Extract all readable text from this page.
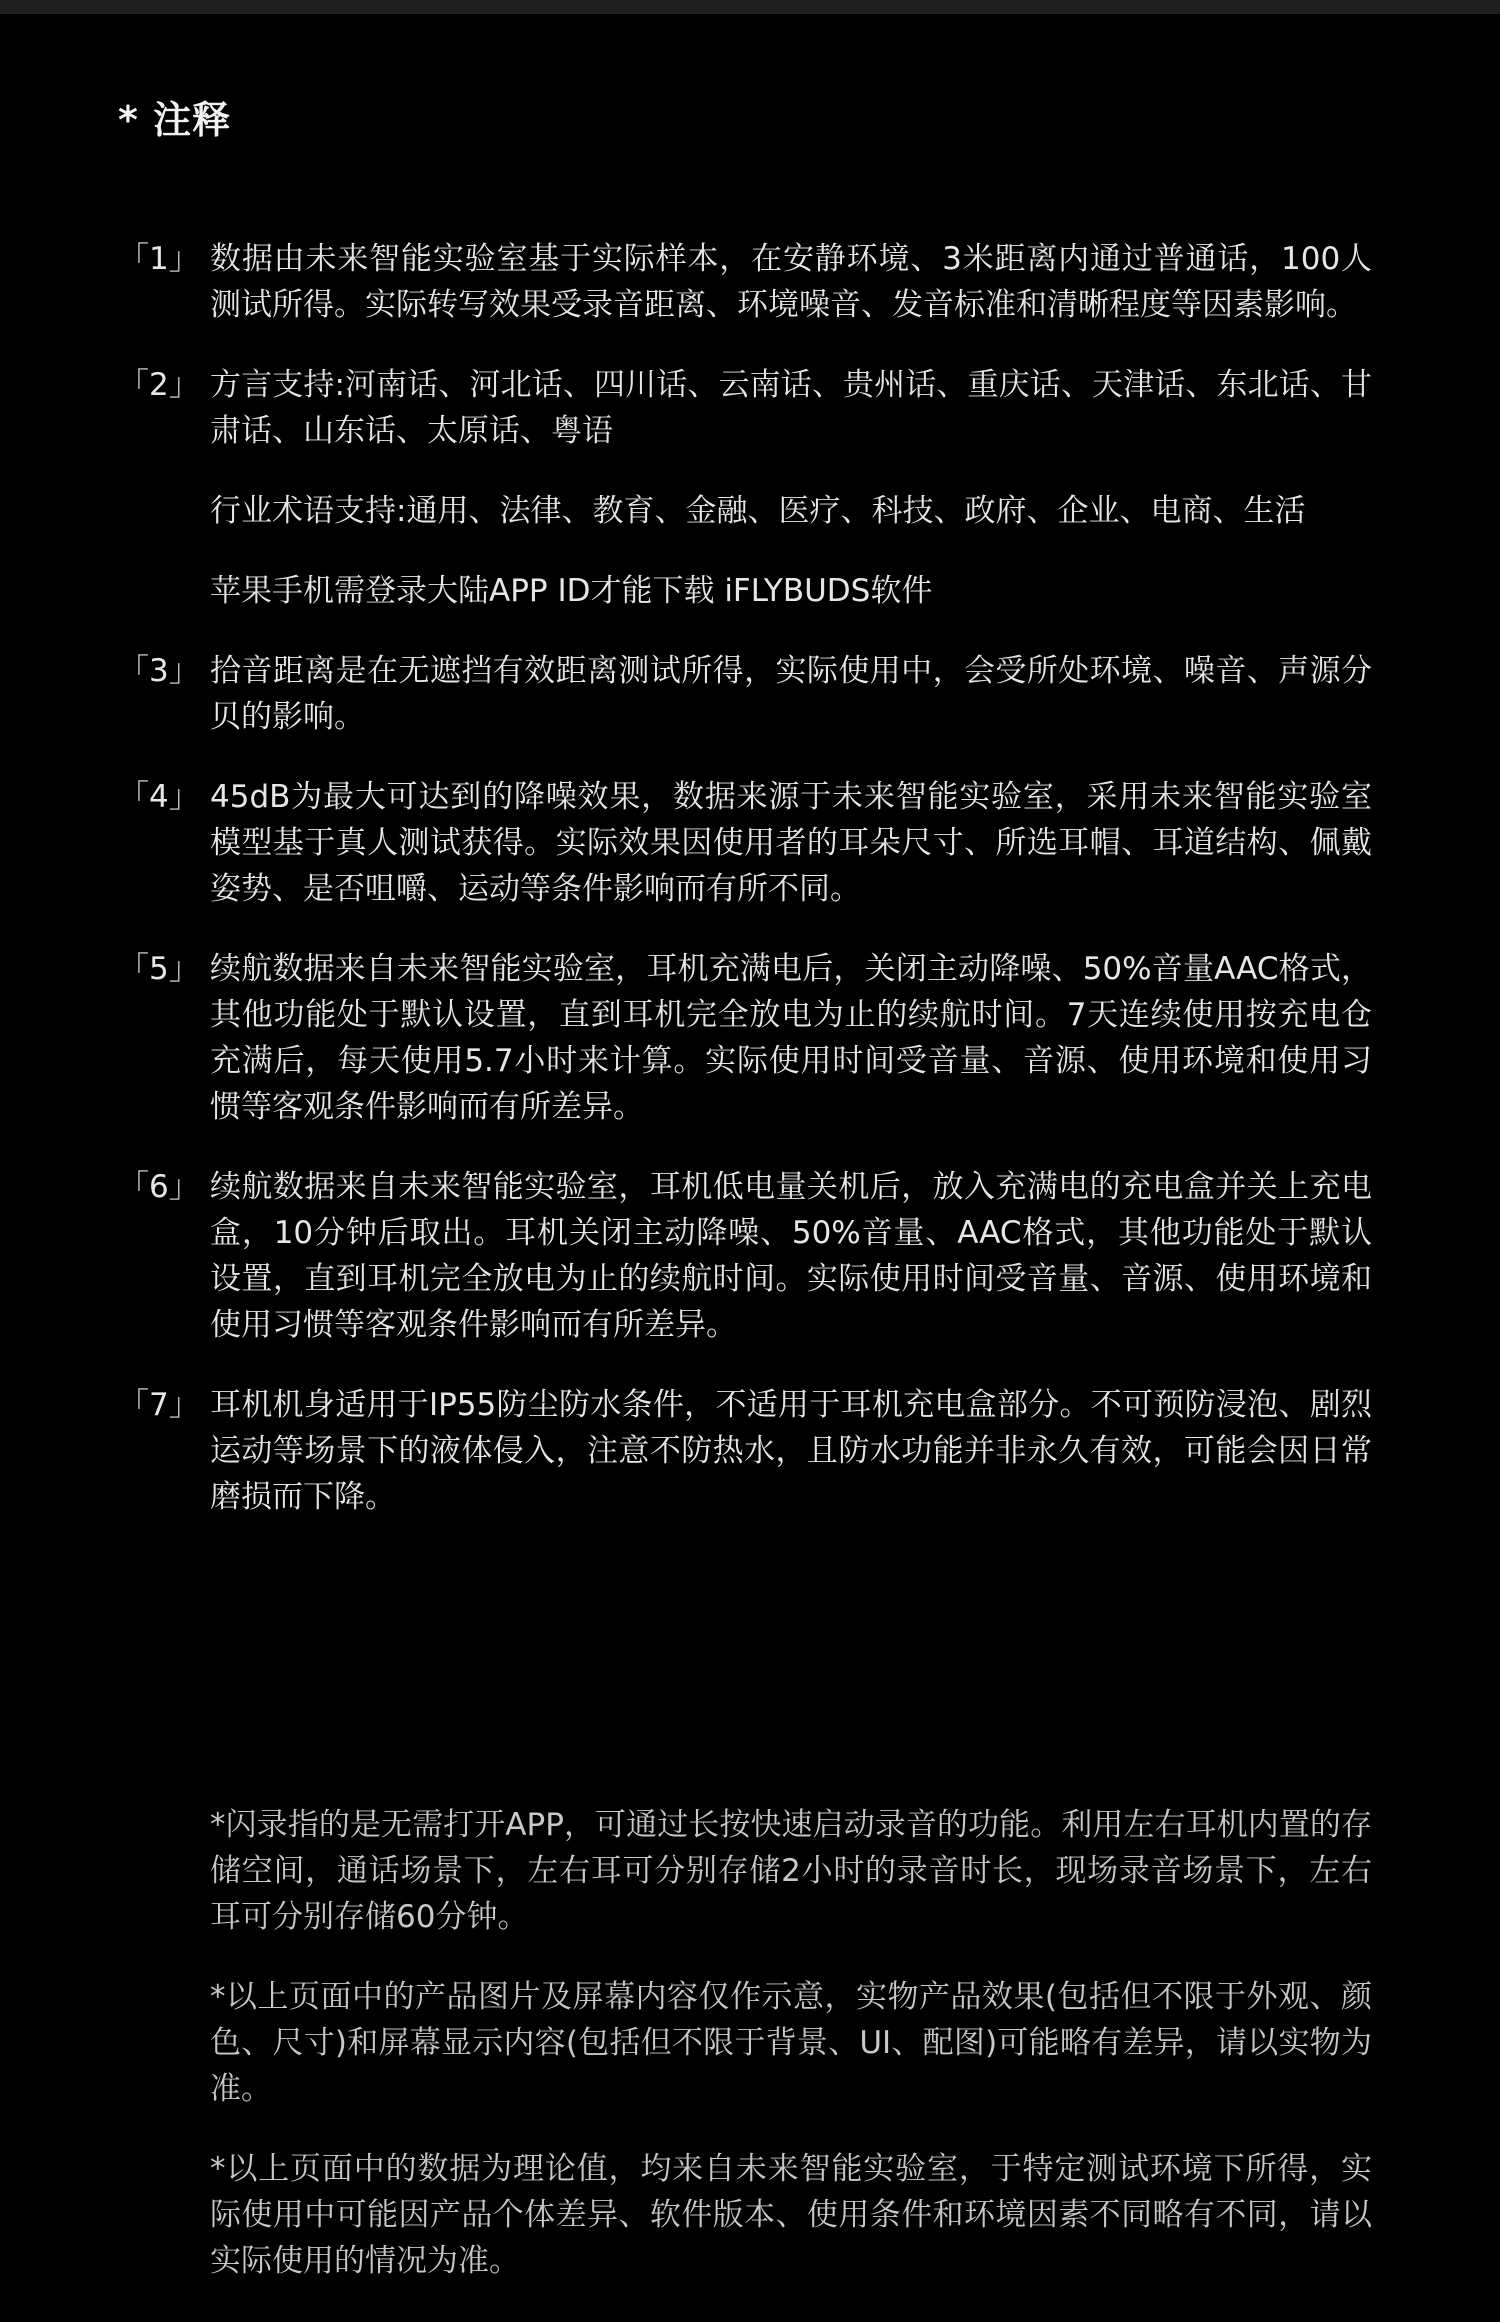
* 注释
「1」 数据由未来智能实验室基于实际样本，在安静环境、3米距离内通过普通话，100人测试所得。实际转写效果受录音距离、环境噪音、发音标准和清晰程度等因素影响。

「2」 方言支持:河南话、河北话、四川话、云南话、贵州话、重庆话、天津话、东北话、甘肃话、山东话、太原话、粤语

行业术语支持:通用、法律、教育、金融、医疗、科技、政府、企业、电商、生活

苹果手机需登录大陆APP ID才能下载 iFLYBUDS软件

「3」 拾音距离是在无遮挡有效距离测试所得，实际使用中，会受所处环境、噪音、声源分贝的影响。

「4」 45dB为最大可达到的降噪效果，数据来源于未来智能实验室，采用未来智能实验室模型基于真人测试获得。实际效果因使用者的耳朵尺寸、所选耳帽、耳道结构、佩戴姿势、是否咀嚼、运动等条件影响而有所不同。

「5」 续航数据来自未来智能实验室，耳机充满电后，关闭主动降噪、50%音量AAC格式，其他功能处于默认设置，直到耳机完全放电为止的续航时间。7天连续使用按充电仓充满后，每天使用5.7小时来计算。实际使用时间受音量、音源、使用环境和使用习惯等客观条件影响而有所差异。

「6」 续航数据来自未来智能实验室，耳机低电量关机后，放入充满电的充电盒并关上充电盒，10分钟后取出。耳机关闭主动降噪、50%音量、AAC格式，其他功能处于默认设置，直到耳机完全放电为止的续航时间。实际使用时间受音量、音源、使用环境和使用习惯等客观条件影响而有所差异。

「7」 耳机机身适用于IP55防尘防水条件，不适用于耳机充电盒部分。不可预防浸泡、剧烈运动等场景下的液体侵入，注意不防热水，且防水功能并非永久有效，可能会因日常磨损而下降。

*闪录指的是无需打开APP，可通过长按快速启动录音的功能。利用左右耳机内置的存储空间，通话场景下，左右耳可分别存储2小时的录音时长，现场录音场景下，左右耳可分别存储60分钟。

*以上页面中的产品图片及屏幕内容仅作示意，实物产品效果(包括但不限于外观、颜色、尺寸)和屏幕显示内容(包括但不限于背景、UI、配图)可能略有差异，请以实物为准。

*以上页面中的数据为理论值，均来自未来智能实验室，于特定测试环境下所得，实际使用中可能因产品个体差异、软件版本、使用条件和环境因素不同略有不同，请以实际使用的情况为准。
